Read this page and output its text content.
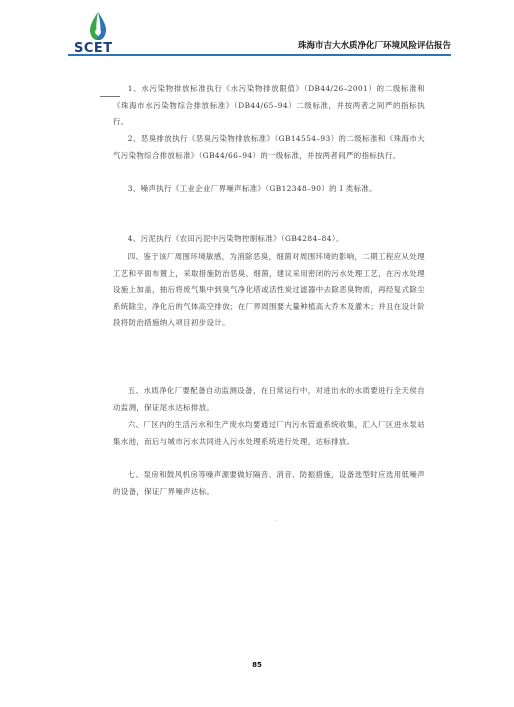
SCET	珠海市吉大水质净化厂环境风险评估报告

1、水污染物排放标准执行《水污染物排放限值》（DB44/26–2001）的二级标准和《珠海市水污染物综合排放标准》（DB44/65–94）二级标准，并按两者之间严的指标执行。

2、恶臭排放执行《恶臭污染物排放标准》（GB14554–93）的二级标准和《珠海市大气污染物综合排放标准》（GB44/66–94）的一级标准，并按两者间严的指标执行。

3、噪声执行《工业企业厂界噪声标准》（GB12348–90）的 I 类标准。

4、污泥执行《农田污泥中污染物控制标准》（GB4284–84）。

四、鉴于该厂周围环境敏感，为消除恶臭，细菌对周围环境的影响，二期工程应从处理工艺和平面布置上，采取措施防治恶臭、细菌，建议采用密闭的污水处理工艺，在污水处理设施上加盖，抽后将废气集中到臭气净化塔或活性炭过滤器中去除恶臭物质，再经复式除尘系统除尘，净化后的气体高空排放；在厂界周围要大量种植高大乔木及灌木；并且在设计阶段将防治措施纳入项目初步设计。

五、水质净化厂要配备自动监测设备，在日常运行中，对进出水的水质要进行全天侯自动监测，保证尾水达标排放。

六、厂区内的生活污水和生产废水均要通过厂内污水管道系统收集，汇入厂区进水泵站集水池，而后与城市污水共同进入污水处理系统进行处理，达标排放。

七、泵房和鼓风机房等噪声源要做好隔音、消音、防振措施，设备选型时应选用低噪声的设备，保证厂界噪声达标。

·
85
